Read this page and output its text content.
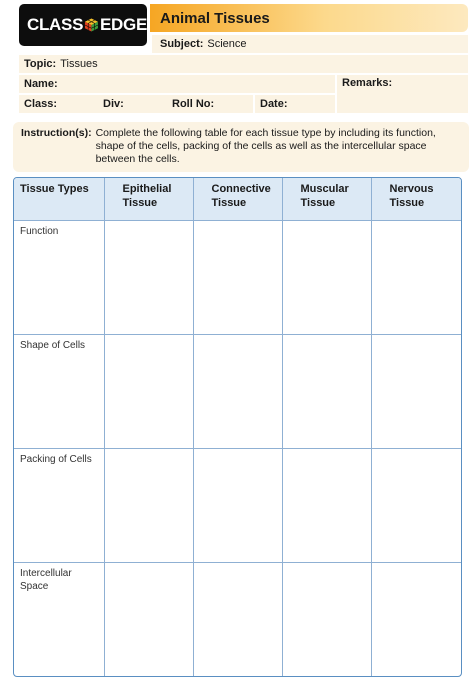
CLASS EDGE Animal Tissues
Subject: Science
Topic: Tissues
Name:	Remarks:
Class:	Div:	Roll No:	Date:
Instruction(s): Complete the following table for each tissue type by including its function, shape of the cells, packing of the cells as well as the intercellular space between the cells.
Tissue Types	Epithelial Tissue	Connective Tissue	Muscular Tissue	Nervous Tissue
Function				
Shape of Cells				
Packing of Cells				
Intercellular Space				
